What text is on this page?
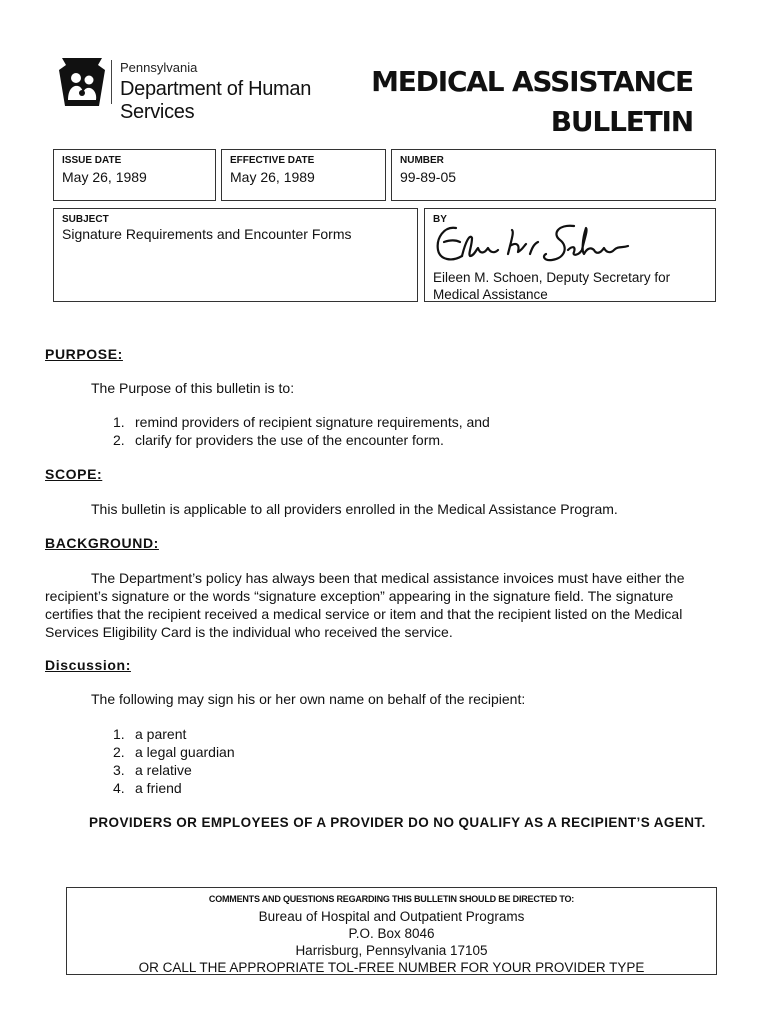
Pennsylvania
Department of Human Services
MEDICAL ASSISTANCE
BULLETIN
ISSUE DATE
May 26, 1989
EFFECTIVE DATE
May 26, 1989
NUMBER
99-89-05
SUBJECT
Signature Requirements and Encounter Forms
BY
Eileen M. Schoen, Deputy Secretary for
Medical Assistance
PURPOSE:
The Purpose of this bulletin is to:
1. remind providers of recipient signature requirements, and
2. clarify for providers the use of the encounter form.
SCOPE:
This bulletin is applicable to all providers enrolled in the Medical Assistance Program.
BACKGROUND:
The Department’s policy has always been that medical assistance invoices must have either the recipient’s signature or the words “signature exception” appearing in the signature field. The signature certifies that the recipient received a medical service or item and that the recipient listed on the Medical Services Eligibility Card is the individual who received the service.
Discussion:
The following may sign his or her own name on behalf of the recipient:
1. a parent
2. a legal guardian
3. a relative
4. a friend
PROVIDERS OR EMPLOYEES OF A PROVIDER DO NO QUALIFY AS A RECIPIENT’S AGENT.
COMMENTS AND QUESTIONS REGARDING THIS BULLETIN SHOULD BE DIRECTED TO:
Bureau of Hospital and Outpatient Programs
P.O. Box 8046
Harrisburg, Pennsylvania 17105
OR CALL THE APPROPRIATE TOL-FREE NUMBER FOR YOUR PROVIDER TYPE
